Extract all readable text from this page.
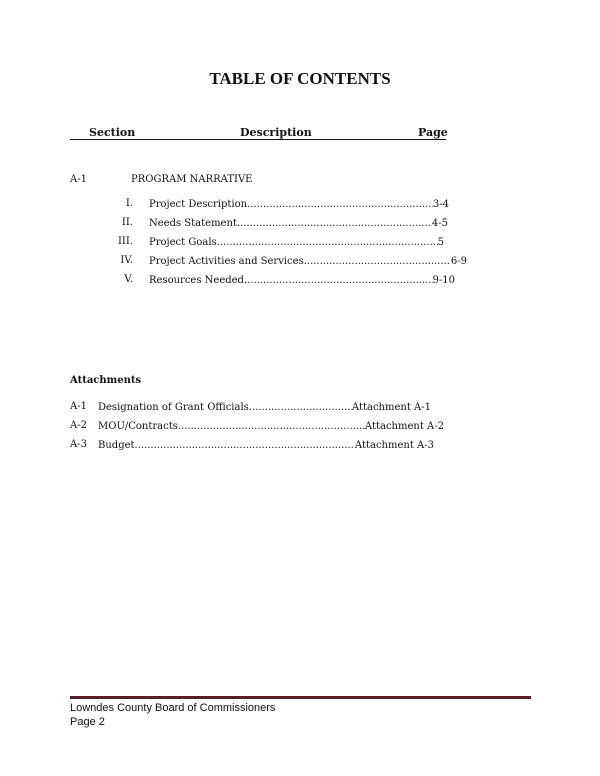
TABLE OF CONTENTS
Section	Description	Page
A-1	PROGRAM NARRATIVE
Attachments
Lowndes County Board of Commissioners
Page 2
I. Project Description .....	3-4
II. Needs Statement .....	4-5
III. Project Goals .....	5
IV. Project Activities and Services .....	6-9
V. Resources Needed .....	9-10
A-1 Designation of Grant Officials .....	Attachment A-1
A-2 MOU/Contracts .....	Attachment A-2
A-3 Budget .....	Attachment A-3
